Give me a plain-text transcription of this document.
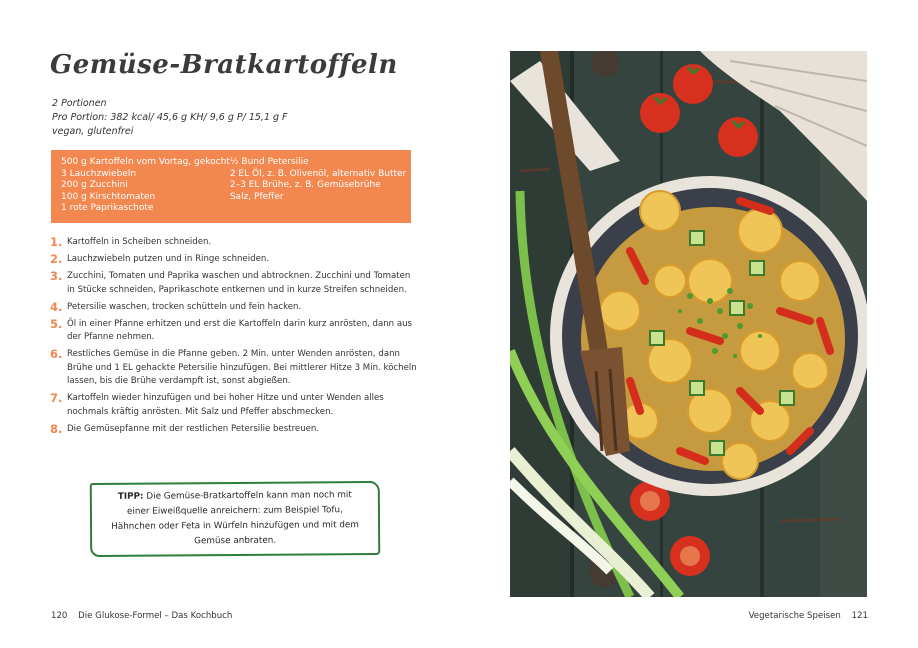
Gemüse-Bratkartoffeln
2 Portionen
Pro Portion: 382 kcal/ 45,6 g KH/ 9,6 g P/ 15,1 g F
vegan, glutenfrei
500 g Kartoffeln vom Vortag, gekocht
3 Lauchzwiebeln
200 g Zucchini
100 g Kirschtomaten
1 rote Paprikaschote
½ Bund Petersilie
2 EL Öl, z. B. Olivenöl, alternativ Butter
2–3 EL Brühe, z. B. Gemüsebrühe
Salz, Pfeffer
1. Kartoffeln in Scheiben schneiden.
2. Lauchzwiebeln putzen und in Ringe schneiden.
3. Zucchini, Tomaten und Paprika waschen und abtrocknen. Zucchini und Tomaten in Stücke schneiden, Paprikaschote entkernen und in kurze Streifen schneiden.
4. Petersilie waschen, trocken schütteln und fein hacken.
5. Öl in einer Pfanne erhitzen und erst die Kartoffeln darin kurz anrösten, dann aus der Pfanne nehmen.
6. Restliches Gemüse in die Pfanne geben. 2 Min. unter Wenden anrösten, dann Brühe und 1 EL gehackte Petersilie hinzufügen. Bei mittlerer Hitze 3 Min. köcheln lassen, bis die Brühe verdampft ist, sonst abgießen.
7. Kartoffeln wieder hinzufügen und bei hoher Hitze und unter Wenden alles nochmals kräftig anrösten. Mit Salz und Pfeffer abschmecken.
8. Die Gemüsepfanne mit der restlichen Petersilie bestreuen.
TIPP: Die Gemüse-Bratkartoffeln kann man noch mit einer Eiweißquelle anreichern: zum Beispiel Tofu, Hähnchen oder Feta in Würfeln hinzufügen und mit dem Gemüse anbraten.
120 Die Glukose-Formel – Das Kochbuch	Vegetarische Speisen 121
